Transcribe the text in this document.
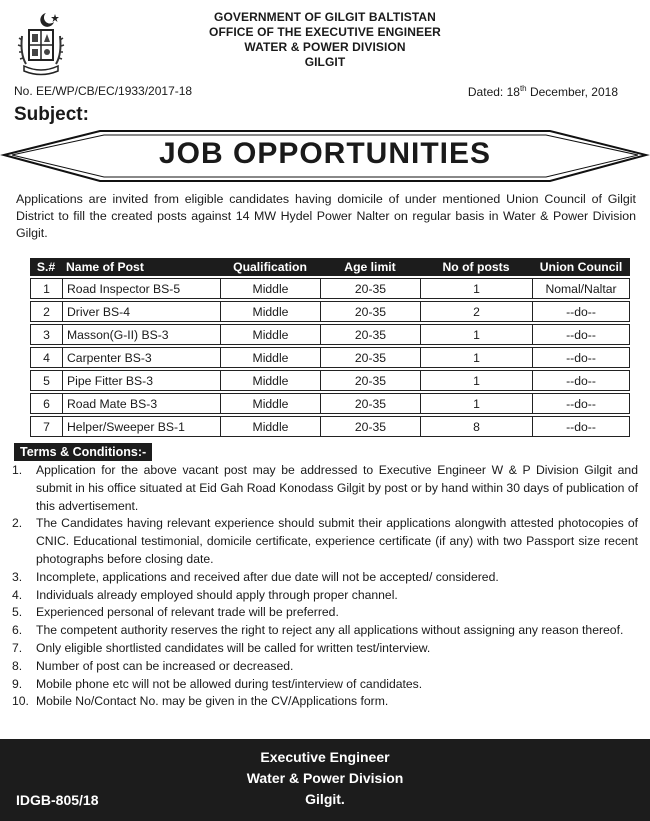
GOVERNMENT OF GILGIT BALTISTAN
OFFICE OF THE EXECUTIVE ENGINEER
WATER & POWER DIVISION
GILGIT
No. EE/WP/CB/EC/1933/2017-18	Dated: 18th December, 2018
Subject:
JOB OPPORTUNITIES
Applications are invited from eligible candidates having domicile of under mentioned Union Council of Gilgit District to fill the created posts against 14 MW Hydel Power Nalter on regular basis in Water & Power Division Gilgit.
S.#	Name of Post	Qualification	Age limit	No of posts	Union Council
1	Road Inspector BS-5	Middle	20-35	1	Nomal/Naltar
2	Driver BS-4	Middle	20-35	2	--do--
3	Masson(G-II) BS-3	Middle	20-35	1	--do--
4	Carpenter BS-3	Middle	20-35	1	--do--
5	Pipe Fitter BS-3	Middle	20-35	1	--do--
6	Road Mate BS-3	Middle	20-35	1	--do--
7	Helper/Sweeper BS-1	Middle	20-35	8	--do--
Terms & Conditions:-
1.	Application for the above vacant post may be addressed to Executive Engineer W & P Division Gilgit and submit in his office situated at Eid Gah Road Konodass Gilgit by post or by hand within 30 days of publication of this advertisement.
2.	The Candidates having relevant experience should submit their applications alongwith attested photocopies of CNIC. Educational testimonial, domicile certificate, experience certificate (if any) with two Passport size recent photographs before closing date.
3.	Incomplete, applications and received after due date will not be accepted/ considered.
4.	Individuals already employed should apply through proper channel.
5.	Experienced personal of relevant trade will be preferred.
6.	The competent authority reserves the right to reject any all applications without assigning any reason thereof.
7.	Only eligible shortlisted candidates will be called for written test/interview.
8.	Number of post can be increased or decreased.
9.	Mobile phone etc will not be allowed during test/interview of candidates.
10. Mobile No/Contact No. may be given in the CV/Applications form.
Executive Engineer
Water & Power Division
Gilgit.
IDGB-805/18
